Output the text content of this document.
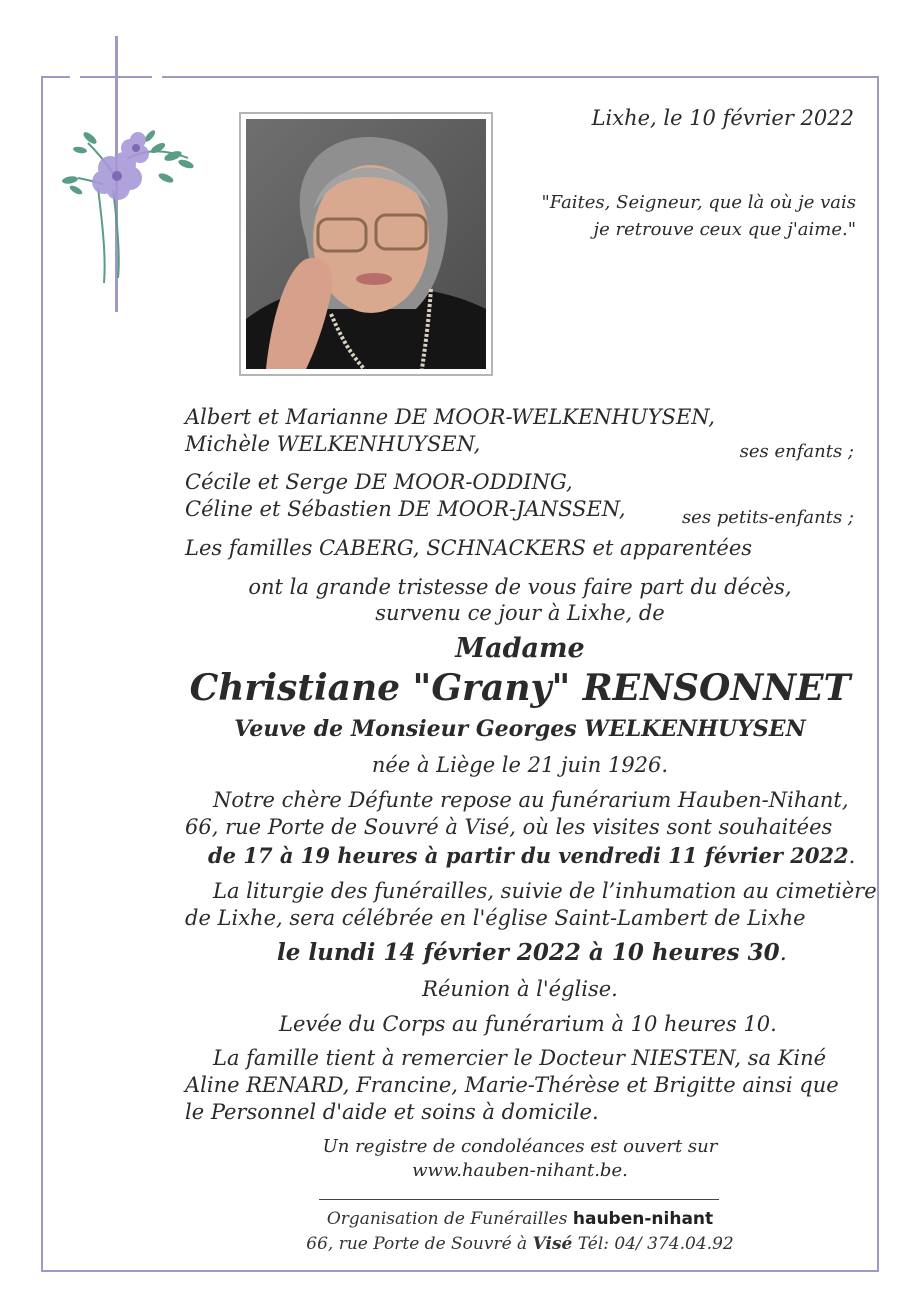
Lixhe, le 10 février 2022
"Faites, Seigneur, que là où je vais
je retrouve ceux que j'aime."
Albert et Marianne DE MOOR-WELKENHUYSEN,
Michèle WELKENHUYSEN,	ses enfants ;
Cécile et Serge DE MOOR-ODDING,
Céline et Sébastien DE MOOR-JANSSEN,	ses petits-enfants ;
Les familles CABERG, SCHNACKERS et apparentées
ont la grande tristesse de vous faire part du décès,
survenu ce jour à Lixhe, de
Madame
Christiane "Grany" RENSONNET
Veuve de Monsieur Georges WELKENHUYSEN
née à Liège le 21 juin 1926.
Notre chère Défunte repose au funérarium Hauben-Nihant,
66, rue Porte de Souvré à Visé, où les visites sont souhaitées
de 17 à 19 heures à partir du vendredi 11 février 2022.
La liturgie des funérailles, suivie de l’inhumation au cimetière
de Lixhe, sera célébrée en l'église Saint-Lambert de Lixhe
le lundi 14 février 2022 à 10 heures 30.
Réunion à l'église.
Levée du Corps au funérarium à 10 heures 10.
La famille tient à remercier le Docteur NIESTEN, sa Kiné
Aline RENARD, Francine, Marie-Thérèse et Brigitte ainsi que
le Personnel d'aide et soins à domicile.
Un registre de condoléances est ouvert sur
www.hauben-nihant.be.
Organisation de Funérailles hauben-nihant
66, rue Porte de Souvré à Visé Tél: 04/ 374.04.92
